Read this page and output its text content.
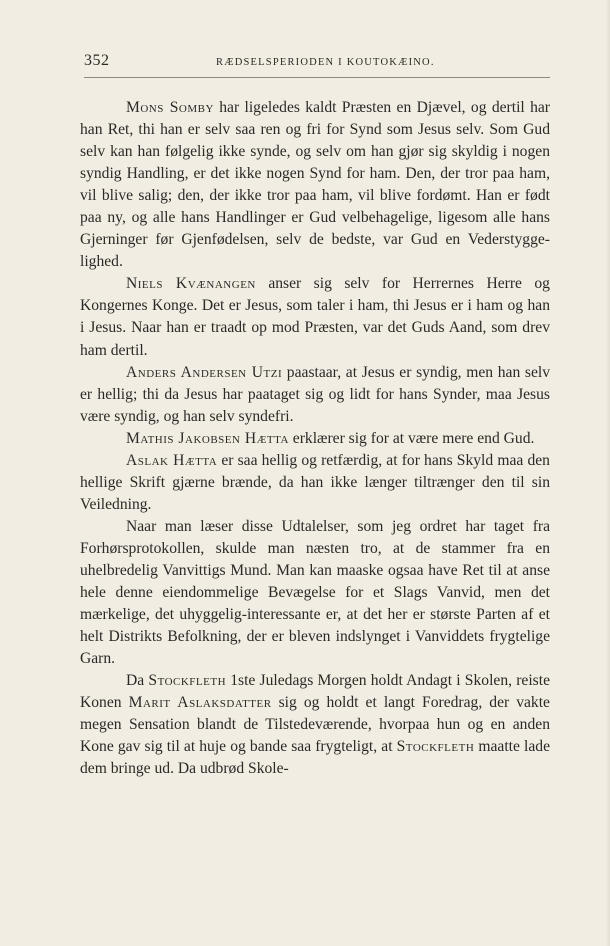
352	RÆDSELSPERIODEN I KOUTOKÆINO.

Mons Somby har ligeledes kaldt Præsten en Djævel, og dertil har han Ret, thi han er selv saa ren og fri for Synd som Jesus selv. Som Gud selv kan han følgelig ikke synde, og selv om han gjør sig skyldig i nogen syndig Handling, er det ikke nogen Synd for ham. Den, der tror paa ham, vil blive salig; den, der ikke tror paa ham, vil blive fordømt. Han er født paa ny, og alle hans Handlinger er Gud velbehagelige, ligesom alle hans Gjerninger før Gjenfødelsen, selv de bedste, var Gud en Vederstyggelighed.

Niels Kvænangen anser sig selv for Herrernes Herre og Kongernes Konge. Det er Jesus, som taler i ham, thi Jesus er i ham og han i Jesus. Naar han er traadt op mod Præsten, var det Guds Aand, som drev ham dertil.

Anders Andersen Utzi paastaar, at Jesus er syndig, men han selv er hellig; thi da Jesus har paataget sig og lidt for hans Synder, maa Jesus være syndig, og han selv syndefri.

Mathis Jakobsen Hætta erklærer sig for at være mere end Gud.

Aslak Hætta er saa hellig og retfærdig, at for hans Skyld maa den hellige Skrift gjærne brænde, da han ikke længer tiltrænger den til sin Veiledning.

Naar man læser disse Udtalelser, som jeg ordret har taget fra Forhørsprotokollen, skulde man næsten tro, at de stammer fra en uhelbredelig Vanvittigs Mund. Man kan maaske ogsaa have Ret til at anse hele denne eiendommelige Bevægelse for et Slags Vanvid, men det mærkelige, det uhyggelig-interessante er, at det her er største Parten af et helt Distrikts Befolkning, der er bleven indslynget i Vanviddets frygtelige Garn.

Da Stockfleth 1ste Juledags Morgen holdt Andagt i Skolen, reiste Konen Marit Aslaksdatter sig og holdt et langt Foredrag, der vakte megen Sensation blandt de Tilstedeværende, hvorpaa hun og en anden Kone gav sig til at huje og bande saa frygteligt, at Stockfleth maatte lade dem bringe ud. Da udbrød Skole-
